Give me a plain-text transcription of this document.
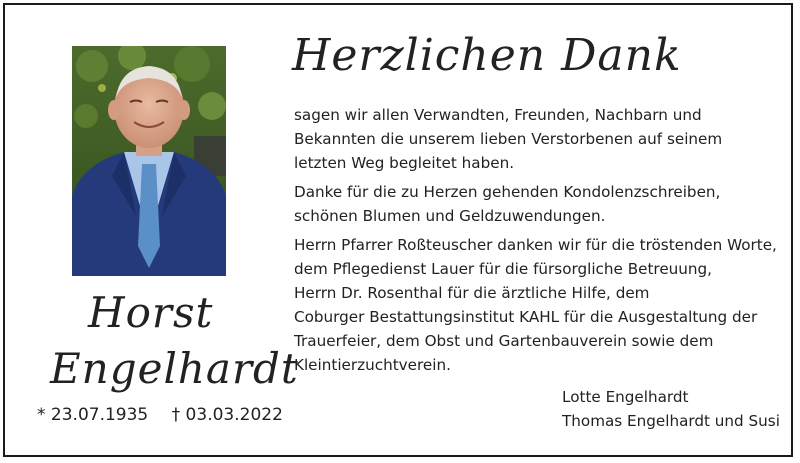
Horst
Engelhardt
* 23.07.1935 † 03.03.2022
Herzlichen Dank
sagen wir allen Verwandten, Freunden, Nachbarn und
Bekannten die unserem lieben Verstorbenen auf seinem
letzten Weg begleitet haben.
Danke für die zu Herzen gehenden Kondolenzschreiben,
schönen Blumen und Geldzuwendungen.
Herrn Pfarrer Roßteuscher danken wir für die tröstenden Worte,
dem Pflegedienst Lauer für die fürsorgliche Betreuung,
Herrn Dr. Rosenthal für die ärztliche Hilfe, dem
Coburger Bestattungsinstitut KAHL für die Ausgestaltung der
Trauerfeier, dem Obst und Gartenbauverein sowie dem
Kleintierzuchtverein.
Lotte Engelhardt
Thomas Engelhardt und Susi
